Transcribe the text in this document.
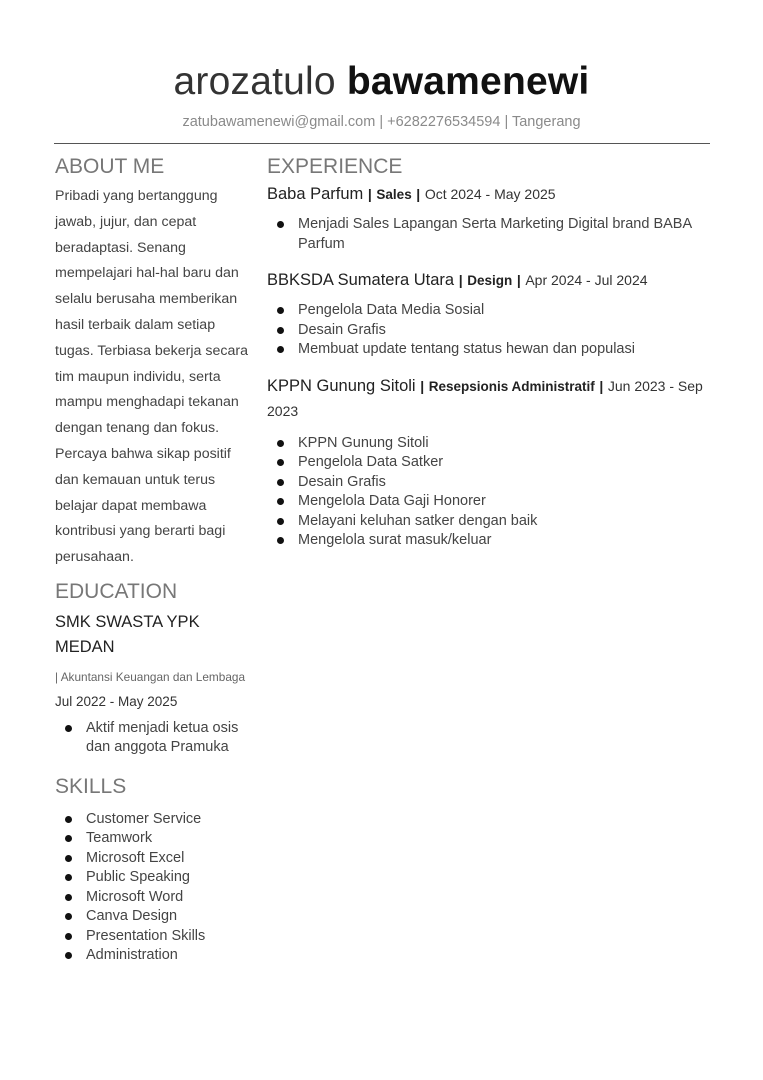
arozatulo bawamenewi
zatubawamenewi@gmail.com | +6282276534594 | Tangerang
ABOUT ME

Pribadi yang bertanggung jawab, jujur, dan cepat beradaptasi. Senang mempelajari hal-hal baru dan selalu berusaha memberikan hasil terbaik dalam setiap tugas. Terbiasa bekerja secara tim maupun individu, serta mampu menghadapi tekanan dengan tenang dan fokus. Percaya bahwa sikap positif dan kemauan untuk terus belajar dapat membawa kontribusi yang berarti bagi perusahaan.

EDUCATION
SMK SWASTA YPK MEDAN
| Akuntansi Keuangan dan Lembaga
Jul 2022 - May 2025
Aktif menjadi ketua osis dan anggota Pramuka
SKILLS
Customer Service
Teamwork
Microsoft Excel
Public Speaking
Microsoft Word
Canva Design
Presentation Skills
Administration
EXPERIENCE

Baba Parfum | Sales | Oct 2024 - May 2025

Menjadi Sales Lapangan Serta Marketing Digital brand BABA Parfum

BBKSDA Sumatera Utara | Design | Apr 2024 - Jul 2024

Pengelola Data Media Sosial
Desain Grafis
Membuat update tentang status hewan dan populasi

KPPN Gunung Sitoli | Resepsionis Administratif | Jun 2023 - Sep 2023

KPPN Gunung Sitoli
Pengelola Data Satker
Desain Grafis
Mengelola Data Gaji Honorer
Melayani keluhan satker dengan baik
Mengelola surat masuk/keluar
